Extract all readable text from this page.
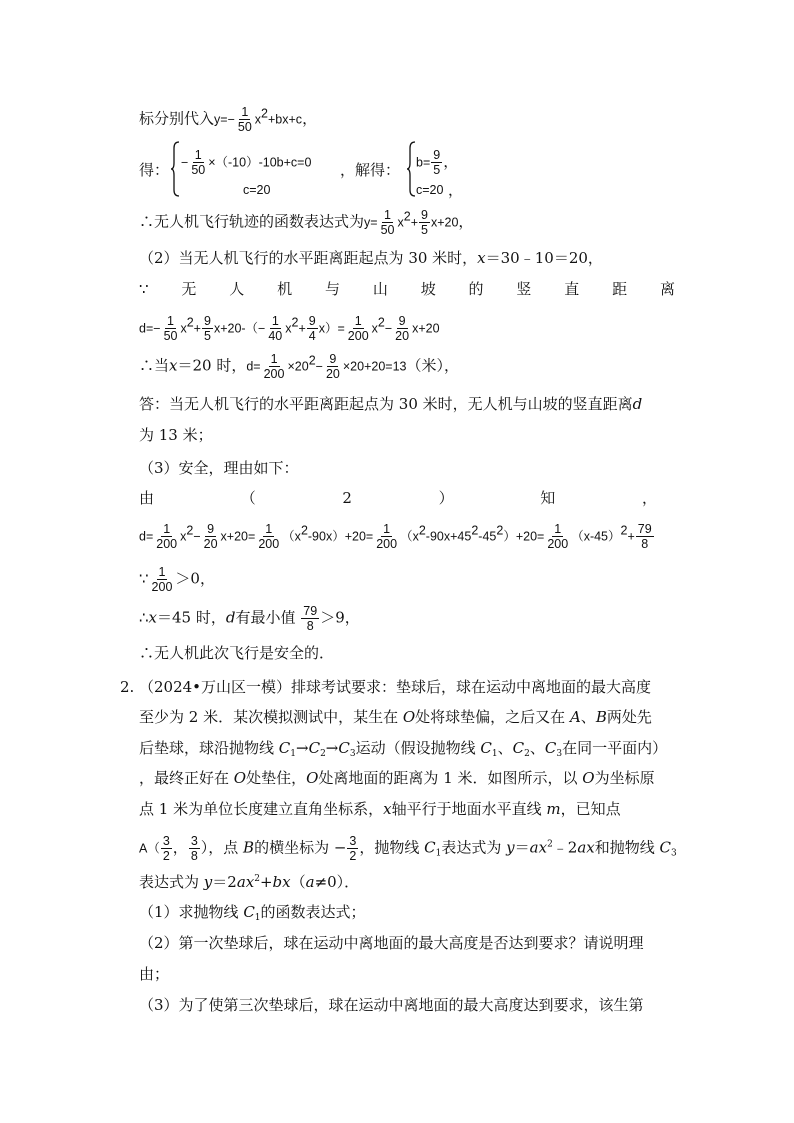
标分别代入$y=- \frac{1}{50} x^2+bx+c$，
得： − $\frac{1}{50} \times(-10)-10b+c=0$
c=20
，解得： $b= \frac{9}{5}$ ，
c=20 ，
∴无人机飞行轨迹的函数表达式为$y= \frac{1}{50} x^2+ \frac{9}{5} x+20$，
（2）当无人机飞行的水平距离距起点为 30 米时，x＝30﹣10＝20，
∵ 无 人 机 与 山 坡 的 竖 直 距 离
$d=- \frac{1}{50} x^2+ \frac{9}{5} x+20-(- \frac{1}{40} x^2+ \frac{9}{4} x)= \frac{1}{200} x^2- \frac{9}{20} x+20$
∴当x＝20 时，$d= \frac{1}{200} \times 20^2- \frac{9}{20} \times 20+20=13$（米），
答：当无人机飞行的水平距离距起点为 30 米时，无人机与山坡的竖直距离d
为 13 米；
（3）安全，理由如下：
由	（	2	）	知	，
$d= \frac{1}{200} x^2- \frac{9}{20} x+20= \frac{1}{200} (x^2-90x)+20= \frac{1}{200} (x^2-90x+45^2-45^2)+20= \frac{1}{200} (x-45)^2+ \frac{79}{8}$
∵ $\frac{1}{200} >0$，
∴x＝45 时，d有最小值 $\frac{79}{8} >9$，
∴无人机此次飞行是安全的．
2. （2024•万山区一模）排球考试要求：垫球后，球在运动中离地面的最大高度
至少为 2 米．某次模拟测试中，某生在 O处将球垫偏，之后又在 A、B两处先
后垫球，球沿抛物线 $C_1\to C_2\to C_3$运动（假设抛物线 $C_1$、$C_2$、$C_3$在同一平面内）
，最终正好在 O处垫住，O处离地面的距离为 1 米．如图所示，以 O为坐标原
点 1 米为单位长度建立直角坐标系，x轴平行于地面水平直线 m，已知点
$A( \frac{3}{2}$ ， $\frac{3}{8}$ ），点 B的横坐标为 − $\frac{3}{2}$ ，抛物线 $C_1$表达式为 $y=ax^2﹣2ax$和抛物线 $C_3$
表达式为 $y=2ax^2+bx(a\ne 0)$．
（1）求抛物线 $C_1$的函数表达式；
（2）第一次垫球后，球在运动中离地面的最大高度是否达到要求？请说明理
由；
（3）为了使第三次垫球后，球在运动中离地面的最大高度达到要求，该生第
